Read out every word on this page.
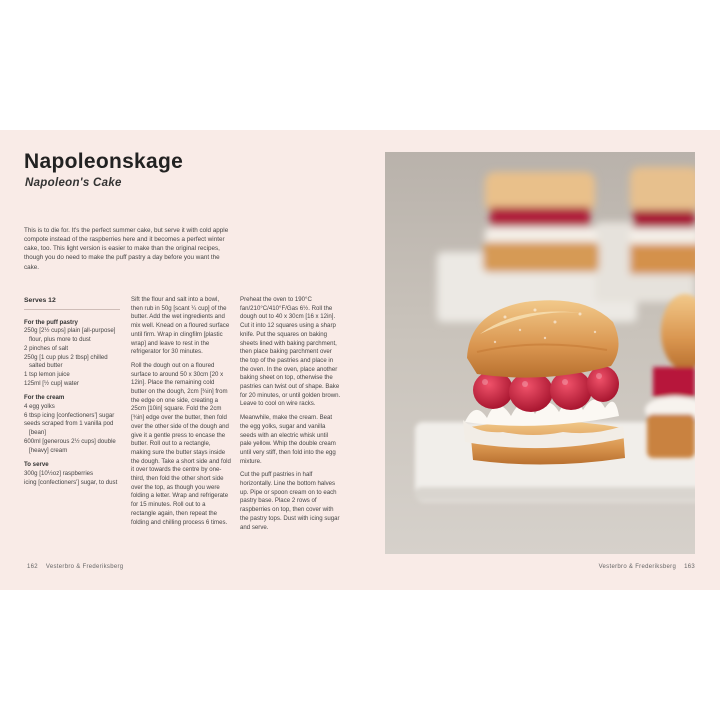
Napoleonskage
Napoleon's Cake

This is to die for. It's the perfect summer cake, but serve it with cold apple compote instead of the raspberries here and it becomes a perfect winter cake, too. This light version is easier to make than the original recipes, though you do need to make the puff pastry a day before you want the cake.

Serves 12
For the puff pastry
250g [2½ cups] plain [all-purpose] flour, plus more to dust
2 pinches of salt
250g [1 cup plus 2 tbsp] chilled salted butter
1 tsp lemon juice
125ml [½ cup] water
For the cream
4 egg yolks
6 tbsp icing [confectioners'] sugar
seeds scraped from 1 vanilla pod [bean]
600ml [generous 2½ cups] double [heavy] cream
To serve
300g [10½oz] raspberries
icing [confectioners'] sugar, to dust

Sift the flour and salt into a bowl, then rub in 50g [scant ¼ cup] of the butter. Add the wet ingredients and mix well. Knead on a floured surface until firm. Wrap in clingfilm [plastic wrap] and leave to rest in the refrigerator for 30 minutes.

Roll the dough out on a floured surface to around 50 x 30cm [20 x 12in]. Place the remaining cold butter on the dough, 2cm [¾in] from the edge on one side, creating a 25cm [10in] square. Fold the 2cm [¾in] edge over the butter, then fold over the other side of the dough and give it a gentle press to encase the butter. Roll out to a rectangle, making sure the butter stays inside the dough. Take a short side and fold it over towards the centre by one-third, then fold the other short side over the top, as though you were folding a letter. Wrap and refrigerate for 15 minutes. Roll out to a rectangle again, then repeat the folding and chilling process 6 times.

Preheat the oven to 190°C fan/210°C/410°F/Gas 6½. Roll the dough out to 40 x 30cm [16 x 12in]. Cut it into 12 squares using a sharp knife. Put the squares on baking sheets lined with baking parchment, then place baking parchment over the top of the pastries and place in the oven. In the oven, place another baking sheet on top, otherwise the pastries can twist out of shape. Bake for 20 minutes, or until golden brown. Leave to cool on wire racks.

Meanwhile, make the cream. Beat the egg yolks, sugar and vanilla seeds with an electric whisk until pale yellow. Whip the double cream until very stiff, then fold into the egg mixture.

Cut the puff pastries in half horizontally. Line the bottom halves up. Pipe or spoon cream on to each pastry base. Place 2 rows of raspberries on top, then cover with the pastry tops. Dust with icing sugar and serve.

162 Vesterbro & Frederiksberg	Vesterbro & Frederiksberg 163
